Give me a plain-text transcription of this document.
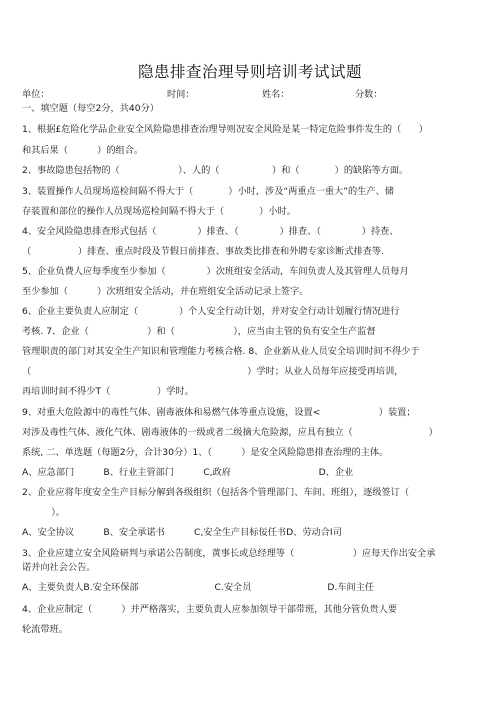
隐患排查治理导则培训考试试题
单位：	时间：	姓名：	分数：
一、填空题（每空2分，共40分）
1、根据£危险化学品企业安全风险隐患排查治理导则况安全风险是某一特定危险事件发生的（      ）
和其后果（          ）的组合。
2、事故隐患包括物的（                    ）、人的（                  ）和（            ）的缺陷等方面。
3、装置操作人员现场巡检间隔不得大于（            ）小时，涉及“两重点一重大”的生产、储
存装置和部位的操作人员现场巡检间隔不得大于（            ）小时。
4、安全风险隐患排查形式包括（              ）排查、（              ）排查、（              ）持查、
（                ）排查、重点时段及节假日前排查、事故类比排查和外聘专家诊断式排查等.
5、企业负费人应每季度至少参加（              ）次班组安全活动，车间负责人及其管理人员每月
至少参加（          ）次班组安全活动，并在班组安全活动记录上签字。
6、企业主要负责人应制定（              ）个人安全行动计划，并对安全行动计划履行情况进行
考核. 7、企业（                    ）和（                    ），应当由主管的负有安全生产监督
管理职责的部门对其安全生产知识和管理能力考核合格. 8、企业新从业人员安全培训时间不得少于
（                                                                          ）学时；从业人员每年应接受再培训，
再培训时间不得少T（                ）学时。
9、对重大危险源中的毒性气体、剧毒液体和易燃气体等重点设施，设置<                    ）装置；
对涉及毒性气体、液化气体、剧毒液体的一级或者二级摘大危险源，应具有独立（                          ）
系统, 二、单选题（每题2分，合计30分）1、（          ）是安全风险隐患排查治理的主体。
A、应急部门          B、行业主管部门          C,政府                              D、企业
2、企业应将年度安全生产目标分解到各级组织（包括各个管理部门、车间、班组），逐级签订（
）。
A、安全协议          B、安全承诺书          C,安全生产目标佞任书D、劳动合Ⅰ司
3、企业应建立安全风险研判与承诺公告制度，黄事长或总经理等（                    ）应每天作出安全承
诺并向社会公告。
A、主要负责人B.安全环保部                          C.安全员                          D.车间主任
4、企业应制定（          ）并严格落实，主要负责人应参加领导干部带班，其他分管负贵人要
轮流带班。
